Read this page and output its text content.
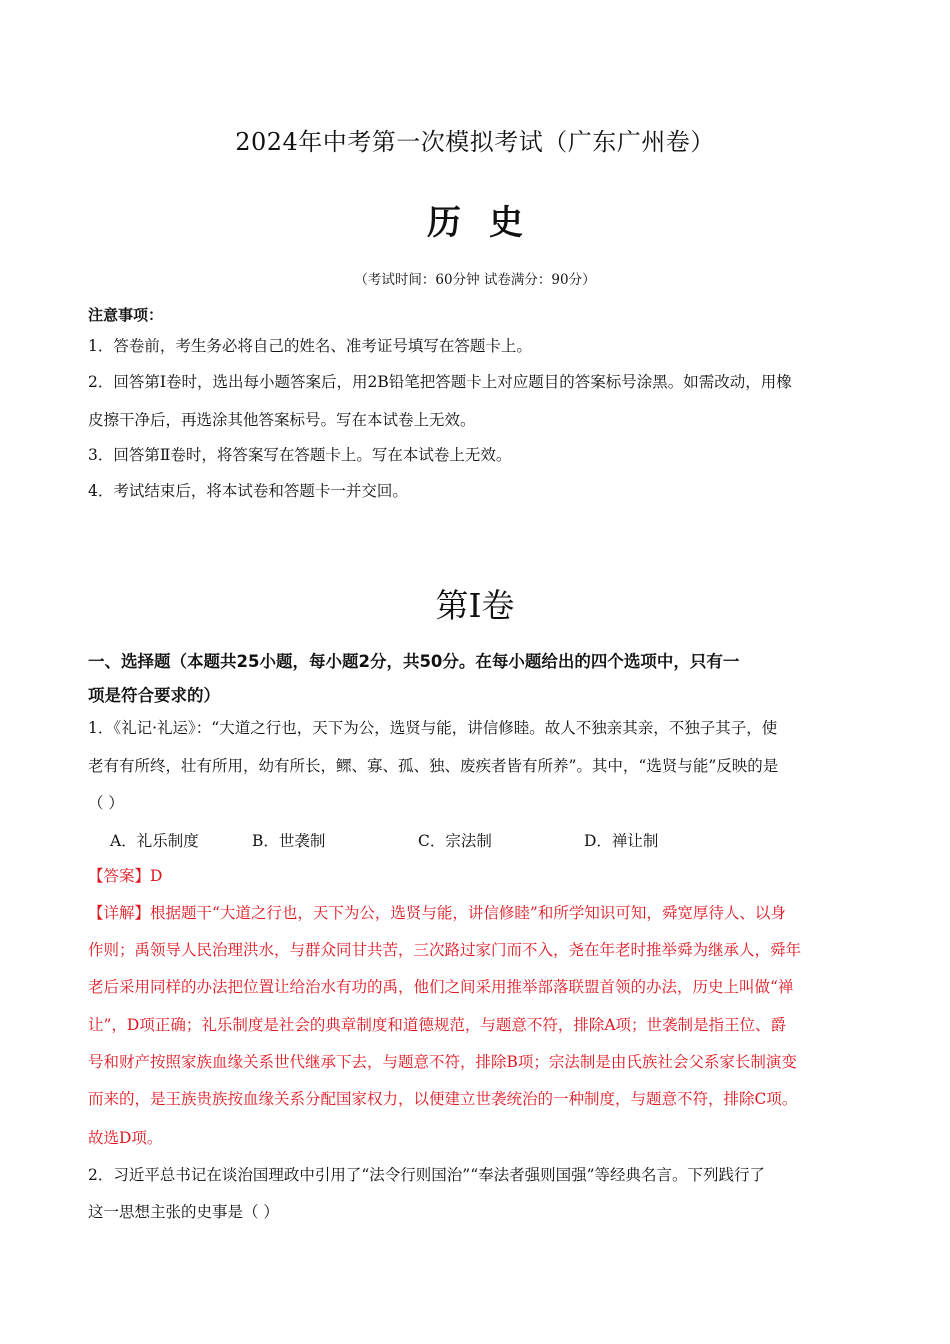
2024年中考第一次模拟考试（广东广州卷）
历史
（考试时间：60分钟 试卷满分：90分）
注意事项：
1．答卷前，考生务必将自己的姓名、准考证号填写在答题卡上。
2．回答第Ⅰ卷时，选出每小题答案后，用2B铅笔把答题卡上对应题目的答案标号涂黑。如需改动，用橡
皮擦干净后，再选涂其他答案标号。写在本试卷上无效。
3．回答第Ⅱ卷时，将答案写在答题卡上。写在本试卷上无效。
4．考试结束后，将本试卷和答题卡一并交回。
第Ⅰ卷
一、选择题（本题共25小题，每小题2分，共50分。在每小题给出的四个选项中，只有一
项是符合要求的）
1．《礼记·礼运》：“大道之行也，天下为公，选贤与能，讲信修睦。故人不独亲其亲，不独子其子，使
老有有所终，壮有所用，幼有所长，鳏、寡、孤、独、废疾者皆有所养”。其中，“选贤与能”反映的是
（ ）
A．礼乐制度	B．世袭制	C．宗法制	D．禅让制
【答案】D
【详解】根据题干“大道之行也，天下为公，选贤与能，讲信修睦”和所学知识可知，舜宽厚待人、以身
作则；禹领导人民治理洪水，与群众同甘共苦，三次路过家门而不入，尧在年老时推举舜为继承人，舜年
老后采用同样的办法把位置让给治水有功的禹，他们之间采用推举部落联盟首领的办法，历史上叫做“禅
让”，D项正确；礼乐制度是社会的典章制度和道德规范，与题意不符，排除A项；世袭制是指王位、爵
号和财产按照家族血缘关系世代继承下去，与题意不符，排除B项；宗法制是由氏族社会父系家长制演变
而来的，是王族贵族按血缘关系分配国家权力，以便建立世袭统治的一种制度，与题意不符，排除C项。
故选D项。
2．习近平总书记在谈治国理政中引用了“法令行则国治”“奉法者强则国强”等经典名言。下列践行了
这一思想主张的史事是（ ）
